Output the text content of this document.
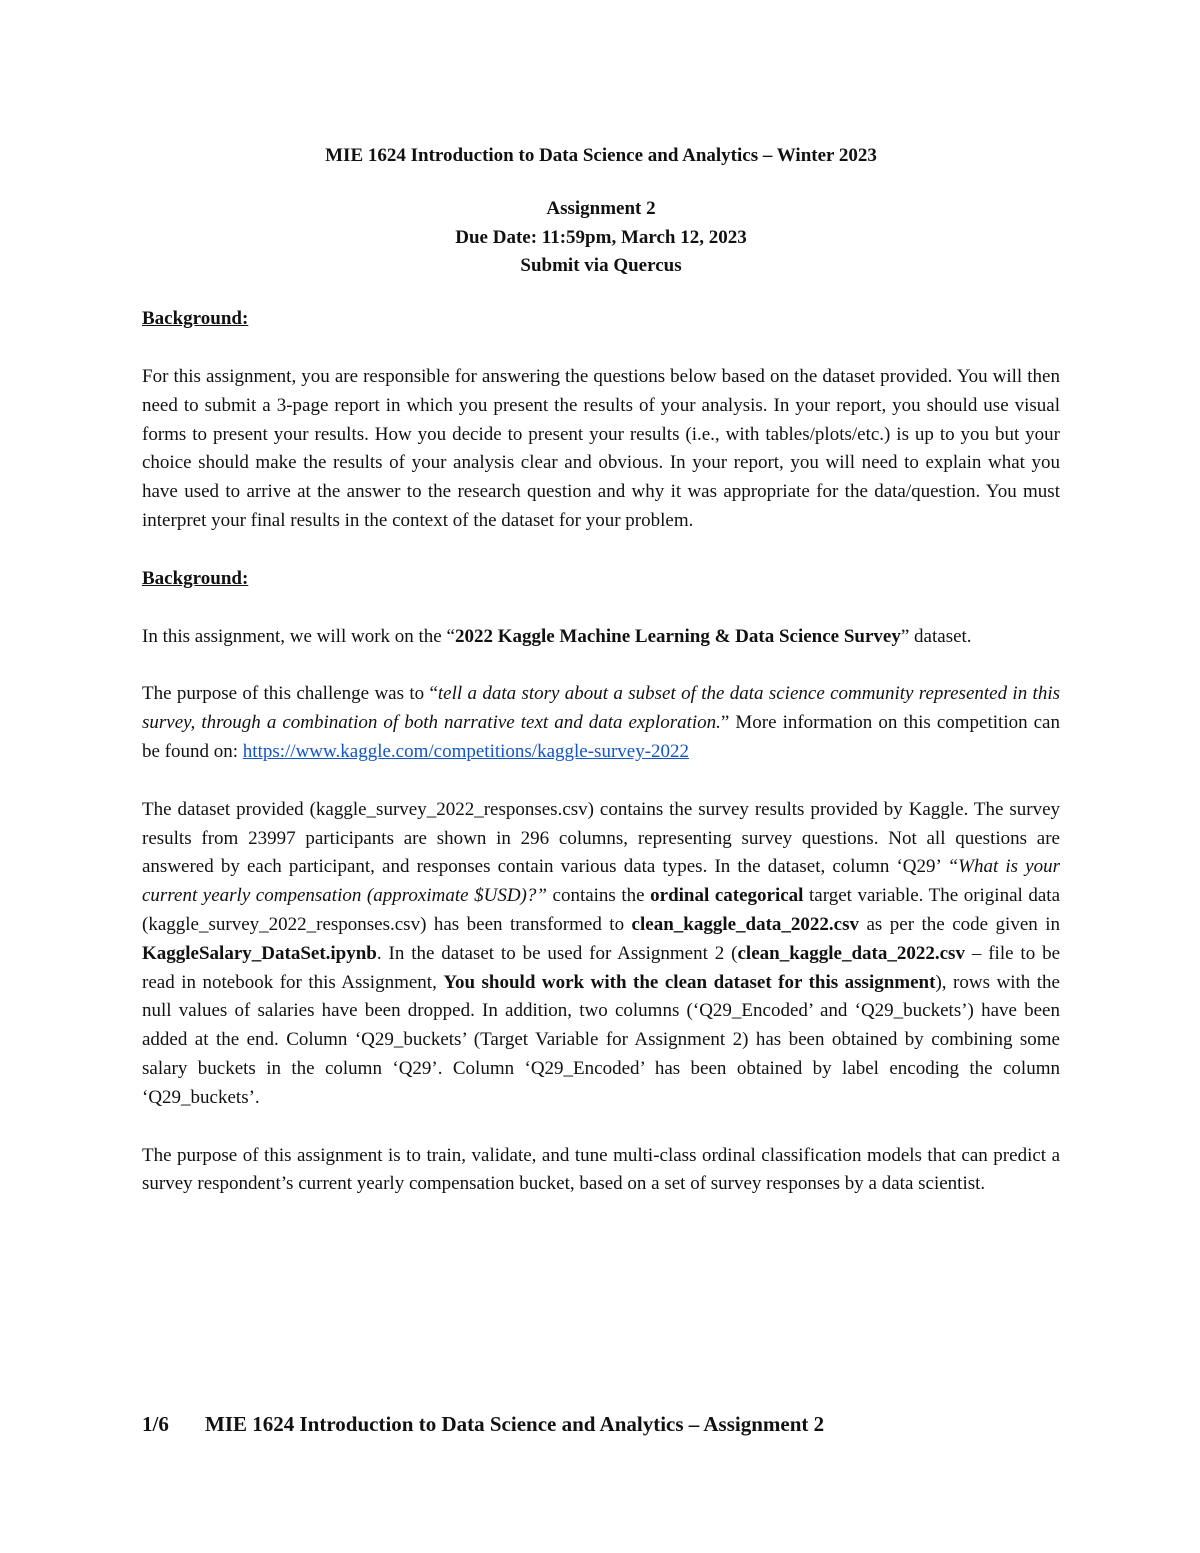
MIE 1624 Introduction to Data Science and Analytics – Winter 2023
Assignment 2
Due Date: 11:59pm, March 12, 2023
Submit via Quercus
Background:

For this assignment, you are responsible for answering the questions below based on the dataset provided. You will then need to submit a 3-page report in which you present the results of your analysis. In your report, you should use visual forms to present your results. How you decide to present your results (i.e., with tables/plots/etc.) is up to you but your choice should make the results of your analysis clear and obvious. In your report, you will need to explain what you have used to arrive at the answer to the research question and why it was appropriate for the data/question. You must interpret your final results in the context of the dataset for your problem.

Background:

In this assignment, we will work on the “2022 Kaggle Machine Learning & Data Science Survey” dataset.

The purpose of this challenge was to “tell a data story about a subset of the data science community represented in this survey, through a combination of both narrative text and data exploration.” More information on this competition can be found on: https://www.kaggle.com/competitions/kaggle-survey-2022

The dataset provided (kaggle_survey_2022_responses.csv) contains the survey results provided by Kaggle. The survey results from 23997 participants are shown in 296 columns, representing survey questions. Not all questions are answered by each participant, and responses contain various data types. In the dataset, column ‘Q29’ “What is your current yearly compensation (approximate $USD)?” contains the ordinal categorical target variable. The original data (kaggle_survey_2022_responses.csv) has been transformed to clean_kaggle_data_2022.csv as per the code given in KaggleSalary_DataSet.ipynb. In the dataset to be used for Assignment 2 (clean_kaggle_data_2022.csv – file to be read in notebook for this Assignment, You should work with the clean dataset for this assignment), rows with the null values of salaries have been dropped. In addition, two columns (‘Q29_Encoded’ and ‘Q29_buckets’) have been added at the end. Column ‘Q29_buckets’ (Target Variable for Assignment 2) has been obtained by combining some salary buckets in the column ‘Q29’. Column ‘Q29_Encoded’ has been obtained by label encoding the column ‘Q29_buckets’.

The purpose of this assignment is to train, validate, and tune multi-class ordinal classification models that can predict a survey respondent’s current yearly compensation bucket, based on a set of survey responses by a data scientist.

1/6 MIE 1624 Introduction to Data Science and Analytics – Assignment 2
